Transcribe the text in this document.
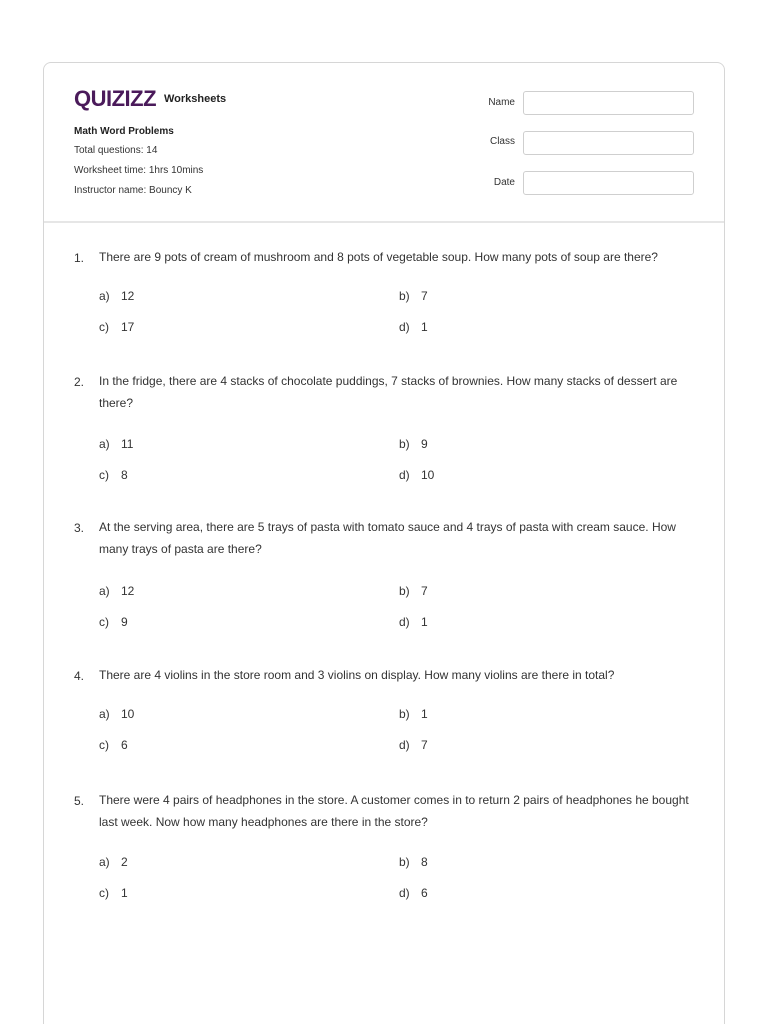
QUIZIZZ Worksheets
Math Word Problems
Total questions: 14
Worksheet time: 1hrs 10mins
Instructor name: Bouncy K
Name
Class
Date
1. There are 9 pots of cream of mushroom and 8 pots of vegetable soup. How many pots of soup are there?
a) 12	b) 7
c)	17	d) 1
2. In the fridge, there are 4 stacks of chocolate puddings, 7 stacks of brownies. How many stacks of dessert are there?
a) 11	b) 9
c)	8	d) 10
3. At the serving area, there are 5 trays of pasta with tomato sauce and 4 trays of pasta with cream sauce. How many trays of pasta are there?
a) 12	b) 7
c)	9	d) 1
4. There are 4 violins in the store room and 3 violins on display. How many violins are there in total?
a) 10	b) 1
c)	6	d) 7
5. There were 4 pairs of headphones in the store. A customer comes in to return 2 pairs of headphones he bought last week. Now how many headphones are there in the store?
a) 2	b) 8
c)	1	d) 6
